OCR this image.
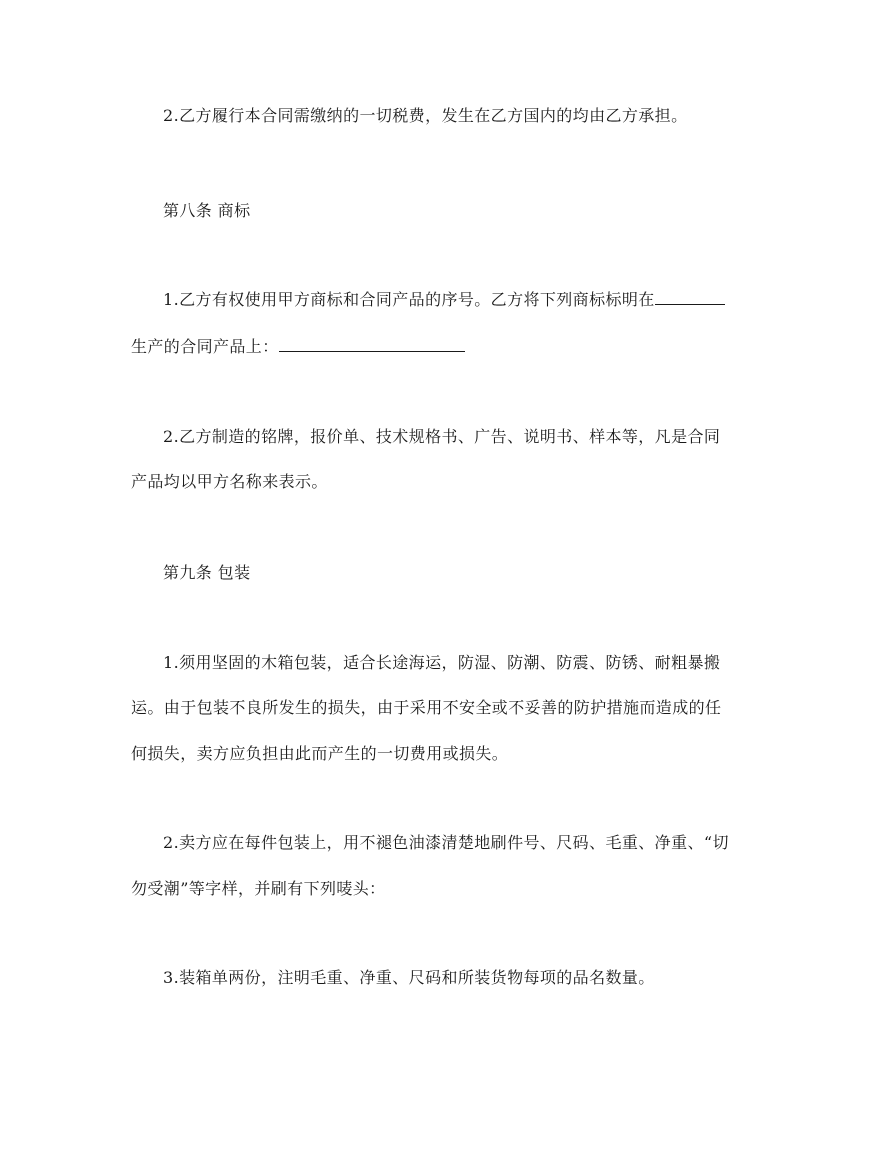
2.乙方履行本合同需缴纳的一切税费，发生在乙方国内的均由乙方承担。
第八条 商标
1.乙方有权使用甲方商标和合同产品的序号。乙方将下列商标标明在
生产的合同产品上：
2.乙方制造的铭牌，报价单、技术规格书、广告、说明书、样本等，凡是合同
产品均以甲方名称来表示。
第九条 包装
1.须用坚固的木箱包装，适合长途海运，防湿、防潮、防震、防锈、耐粗暴搬
运。由于包装不良所发生的损失，由于采用不安全或不妥善的防护措施而造成的任
何损失，卖方应负担由此而产生的一切费用或损失。
2.卖方应在每件包装上，用不褪色油漆清楚地刷件号、尺码、毛重、净重、“切
勿受潮”等字样，并刷有下列唛头：
3.装箱单两份，注明毛重、净重、尺码和所装货物每项的品名数量。
